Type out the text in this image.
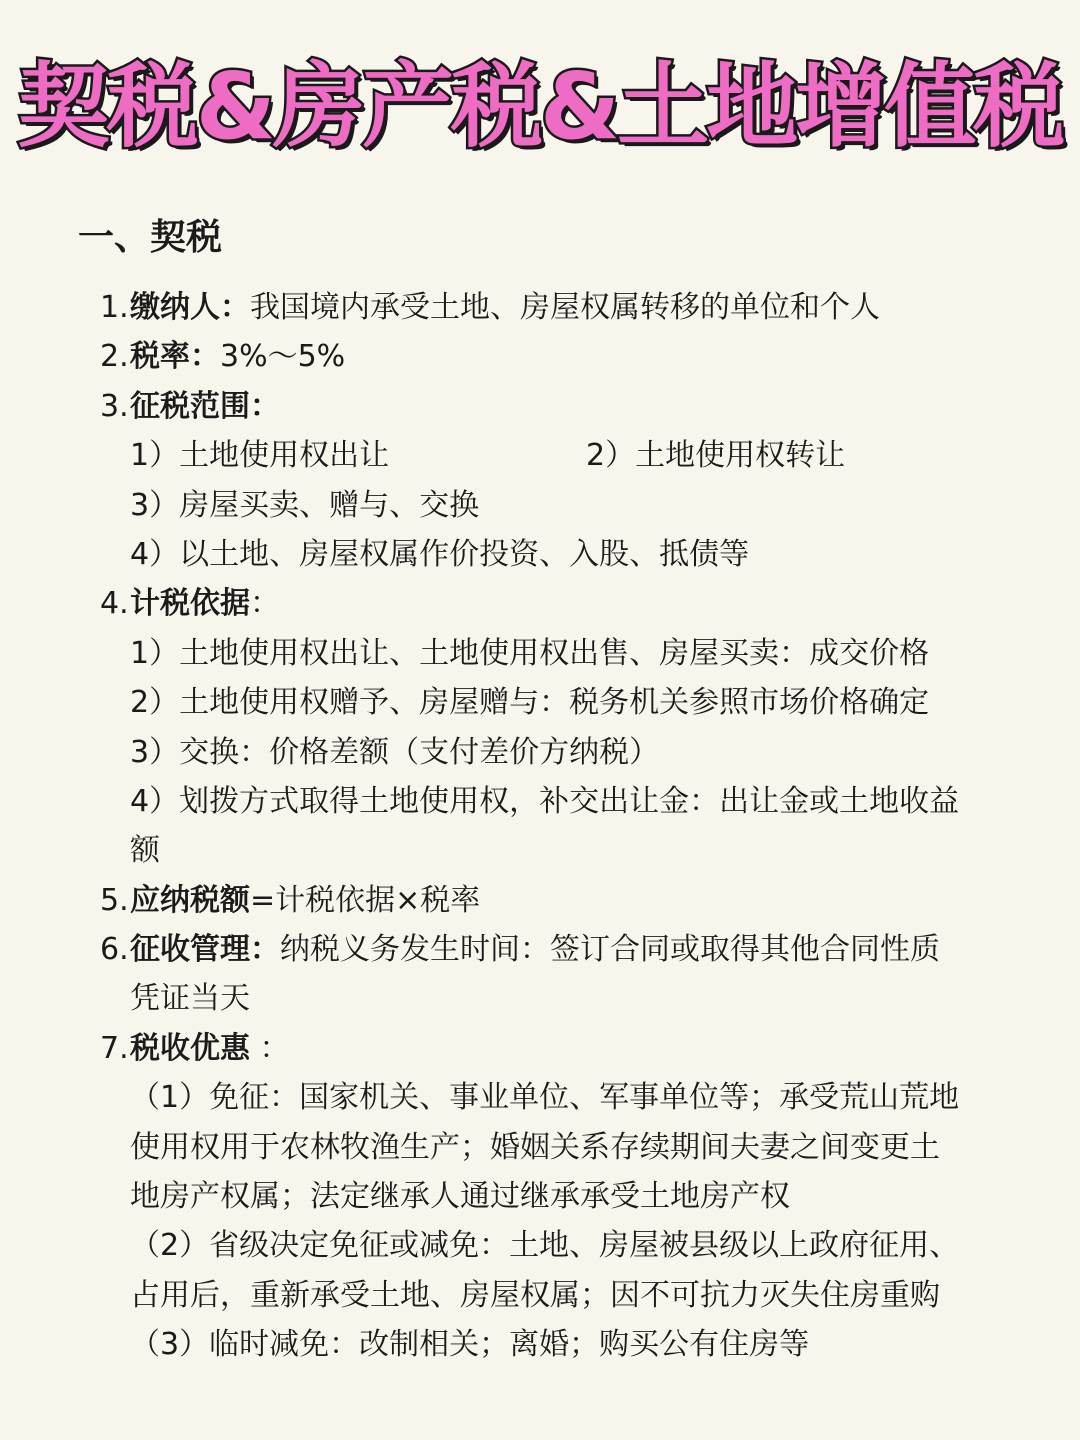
契税&房产税&土地增值税
一、契税
1.缴纳人：我国境内承受土地、房屋权属转移的单位和个人
2.税率：3%～5%
3.征税范围：
1）土地使用权出让	2）土地使用权转让
3）房屋买卖、赠与、交换
4）以土地、房屋权属作价投资、入股、抵债等
4.计税依据：
1）土地使用权出让、土地使用权出售、房屋买卖：成交价格
2）土地使用权赠予、房屋赠与：税务机关参照市场价格确定
3）交换：价格差额（支付差价方纳税）
4）划拨方式取得土地使用权，补交出让金：出让金或土地收益
额
5.应纳税额=计税依据×税率
6.征收管理：纳税义务发生时间：签订合同或取得其他合同性质
凭证当天
7.税收优惠 ：
（1）免征：国家机关、事业单位、军事单位等；承受荒山荒地
使用权用于农林牧渔生产；婚姻关系存续期间夫妻之间变更土
地房产权属；法定继承人通过继承承受土地房产权
（2）省级决定免征或减免：土地、房屋被县级以上政府征用、
占用后，重新承受土地、房屋权属；因不可抗力灭失住房重购
（3）临时减免：改制相关；离婚；购买公有住房等
